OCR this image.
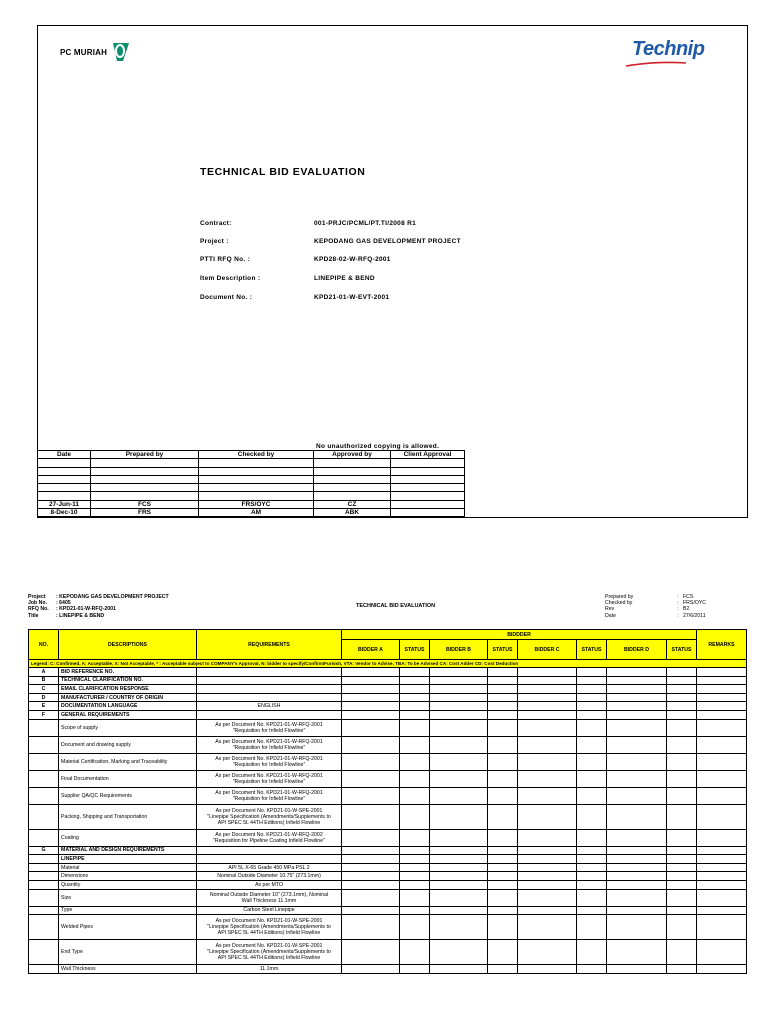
PC MURIAH	Technip
TECHNICAL BID EVALUATION
Contract:	001-PRJC/PCML/PT.TI/2008 R1
Project :	KEPODANG GAS DEVELOPMENT PROJECT
PTTI RFQ No. :	KPD28-02-W-RFQ-2001
Item Description :	LINEPIPE & BEND
Document No. :	KPD21-01-W-EVT-2001
No unauthorized copying is allowed.
Date	Prepared by	Checked by	Approved by	Client Approval

27-Jun-11	FCS	FRS/OYC	CZ	
8-Dec-10	FRS	AM	ABK	
Project : KEPODANG GAS DEVELOPMENT PROJECT
Job No. : 6405
RFQ No. : KPD21-01-W-RFQ-2001
Title	: LINEPIPE & BEND
TECHNICAL BID EVALUATION
Prepared by	: FCS
Checked by	: FRS/OYC
Rev	: B2
Date	: 27/6/2011
NO.	DESCRIPTIONS	REQUIREMENTS	BIDDDER								REMARKS
			BIDDER A	STATUS	BIDDER B	STATUS	BIDDER C	STATUS	BIDDER D	STATUS	
Legend: C: Confirmed, A: Acceptable, X: Not Acceptable, * : Acceptable subject to COMPANY's Approval, N: bidder to specify/Confirm/Furnish, VTA: Vendor to Advise, TBA: To be Advised CA: Cost Adder CD: Cost Deduction											
A	BID REFERENCE NO.										
B	TECHNICAL CLARIFICATION NO.										
C	EMAIL CLARIFICATION RESPONSE										
D	MANUFACTURER / COUNTRY OF ORIGIN										
E	DOCUMENTATION LANGUAGE	ENGLISH									
F	GENERAL REQUIREMENTS										
	Scope of supply	As per Document No. KPD21-01-W-RFQ-2001
"Requisition for Infield Flowline"									
	Document and drawing supply	As per Document No. KPD21-01-W-RFQ-2001
"Requisition for Infield Flowline"									
	Material Certification, Marking and Traceability	As per Document No. KPD21-01-W-RFQ-2001
"Requisition for Infield Flowline"									
	Final Documentation	As per Document No. KPD21-01-W-RFQ-2001
"Requisition for Infield Flowline"									
	Supplier QA/QC Requirements	As per Document No. KPD21-01-W-RFQ-2001
"Requisition for Infield Flowline"									
	Packing, Shipping and Transportation	As per Document No. KPD21-01-W-SPE-2001
"Linepipe Specification (Amendments/Supplements to
API SPEC 5L 44TH Editions) Infield Flowline									
	Coating	As per Document No. KPD21-01-W-RFQ-2002
"Requisition for Pipeline Coating Infield Flowline"									
G	MATERIAL AND DESIGN REQUIREMENTS										
	LINEPIPE										
	Material	API 5L X-65 Grade 450 MPa PSL 2									
	Dimensions	Nominal Outside Diameter 10.75" (273.1mm)									
	Quantity	As per MTO									
	Size	Nominal Outside Diameter 10" (273.1mm), Nominal
Wall Thickness 11.1mm									
	Type	Carbon Steel Linepipe									
	Welded Pipes	As per Document No. KPD21-01-W-SPE-2001
"Linepipe Specification (Amendments/Supplements to
API SPEC 5L 44TH Editions) Infield Flowline									
	End Type	As per Document No. KPD21-01-W-SPE-2001
"Linepipe Specification (Amendments/Supplements to
API SPEC 5L 44TH Editions) Infield Flowline									
	Wall Thickness	11.1mm									
